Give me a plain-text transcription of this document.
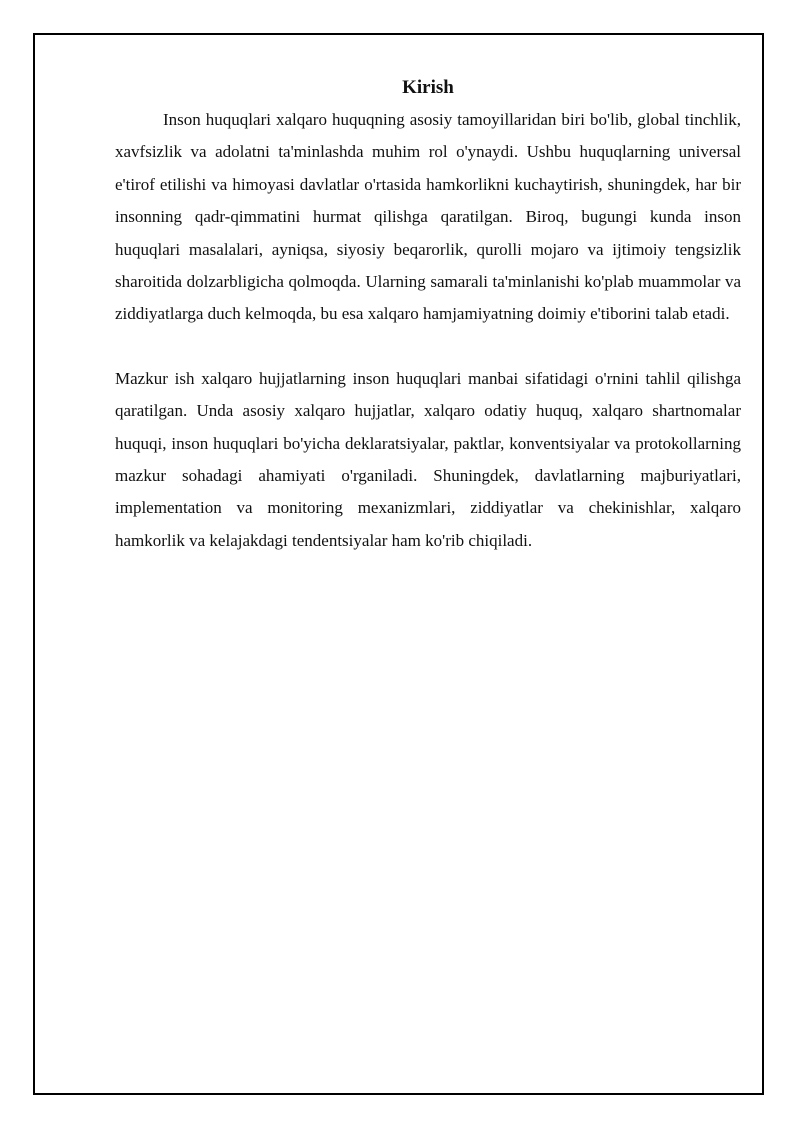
Kirish

Inson huquqlari xalqaro huquqning asosiy tamoyillaridan biri bo'lib, global tinchlik, xavfsizlik va adolatni ta'minlashda muhim rol o'ynaydi. Ushbu huquqlarning universal e'tirof etilishi va himoyasi davlatlar o'rtasida hamkorlikni kuchaytirish, shuningdek, har bir insonning qadr-qimmatini hurmat qilishga qaratilgan. Biroq, bugungi kunda inson huquqlari masalalari, ayniqsa, siyosiy beqarorlik, qurolli mojaro va ijtimoiy tengsizlik sharoitida dolzarbligicha qolmoqda. Ularning samarali ta'minlanishi ko'plab muammolar va ziddiyatlarga duch kelmoqda, bu esa xalqaro hamjamiyatning doimiy e'tiborini talab etadi.

Mazkur ish xalqaro hujjatlarning inson huquqlari manbai sifatidagi o'rnini tahlil qilishga qaratilgan. Unda asosiy xalqaro hujjatlar, xalqaro odatiy huquq, xalqaro shartnomalar huquqi, inson huquqlari bo'yicha deklaratsiyalar, paktlar, konventsiyalar va protokollarning mazkur sohadagi ahamiyati o'rganiladi. Shuningdek, davlatlarning majburiyatlari, implementation va monitoring mexanizmlari, ziddiyatlar va chekinishlar, xalqaro hamkorlik va kelajakdagi tendentsiyalar ham ko'rib chiqiladi.
